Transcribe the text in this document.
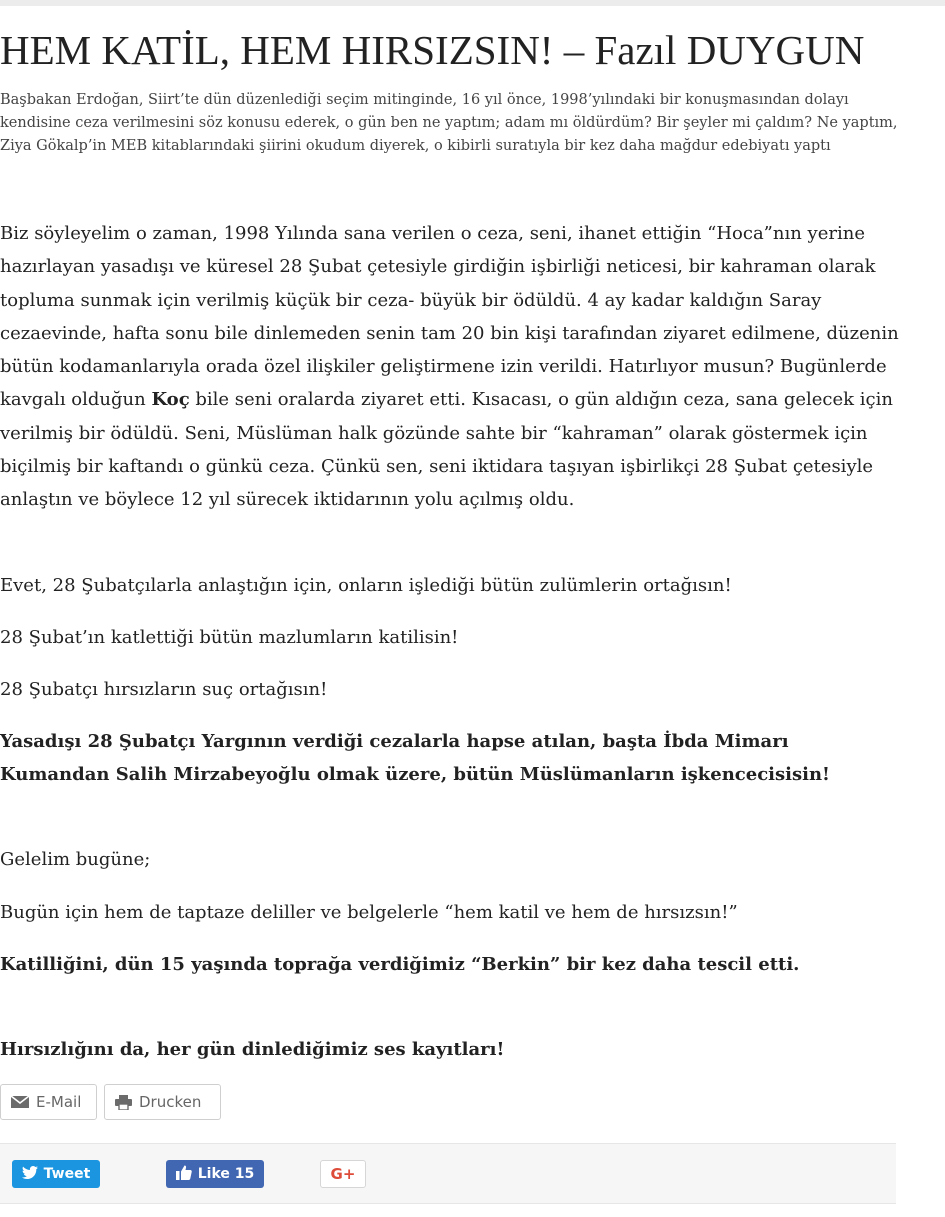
HEM KATİL, HEM HIRSIZSIN! – Fazıl DUYGUN

Başbakan Erdoğan, Siirt’te dün düzenlediği seçim mitinginde, 16 yıl önce, 1998’yılındaki bir konuşmasından dolayı kendisine ceza verilmesini söz konusu ederek, o gün ben ne yaptım; adam mı öldürdüm? Bir şeyler mi çaldım? Ne yaptım, Ziya Gökalp’in MEB kitablarındaki şiirini okudum diyerek, o kibirli suratıyla bir kez daha mağdur edebiyatı yaptı

Biz söyleyelim o zaman, 1998 Yılında sana verilen o ceza, seni, ihanet ettiğin “Hoca”nın yerine hazırlayan yasadışı ve küresel 28 Şubat çetesiyle girdiğin işbirliği neticesi, bir kahraman olarak topluma sunmak için verilmiş küçük bir ceza- büyük bir ödüldü. 4 ay kadar kaldığın Saray cezaevinde, hafta sonu bile dinlemeden senin tam 20 bin kişi tarafından ziyaret edilmene, düzenin bütün kodamanlarıyla orada özel ilişkiler geliştirmene izin verildi. Hatırlıyor musun? Bugünlerde kavgalı olduğun Koç bile seni oralarda ziyaret etti. Kısacası, o gün aldığın ceza, sana gelecek için verilmiş bir ödüldü. Seni, Müslüman halk gözünde sahte bir “kahraman” olarak göstermek için biçilmiş bir kaftandı o günkü ceza. Çünkü sen, seni iktidara taşıyan işbirlikçi 28 Şubat çetesiyle anlaştın ve böylece 12 yıl sürecek iktidarının yolu açılmış oldu.

Evet, 28 Şubatçılarla anlaştığın için, onların işlediği bütün zulümlerin ortağısın!

28 Şubat’ın katlettiği bütün mazlumların katilisin!

28 Şubatçı hırsızların suç ortağısın!

Yasadışı 28 Şubatçı Yargının verdiği cezalarla hapse atılan, başta İbda Mimarı Kumandan Salih Mirzabeyoğlu olmak üzere, bütün Müslümanların işkencecisisin!

Gelelim bugüne;

Bugün için hem de taptaze deliller ve belgelerle “hem katil ve hem de hırsızsın!”

Katilliğini, dün 15 yaşında toprağa verdiğimiz “Berkin” bir kez daha tescil etti.

Hırsızlığını da, her gün dinlediğimiz ses kayıtları!

E-Mail	Drucken
Tweet	Like 15	G+
